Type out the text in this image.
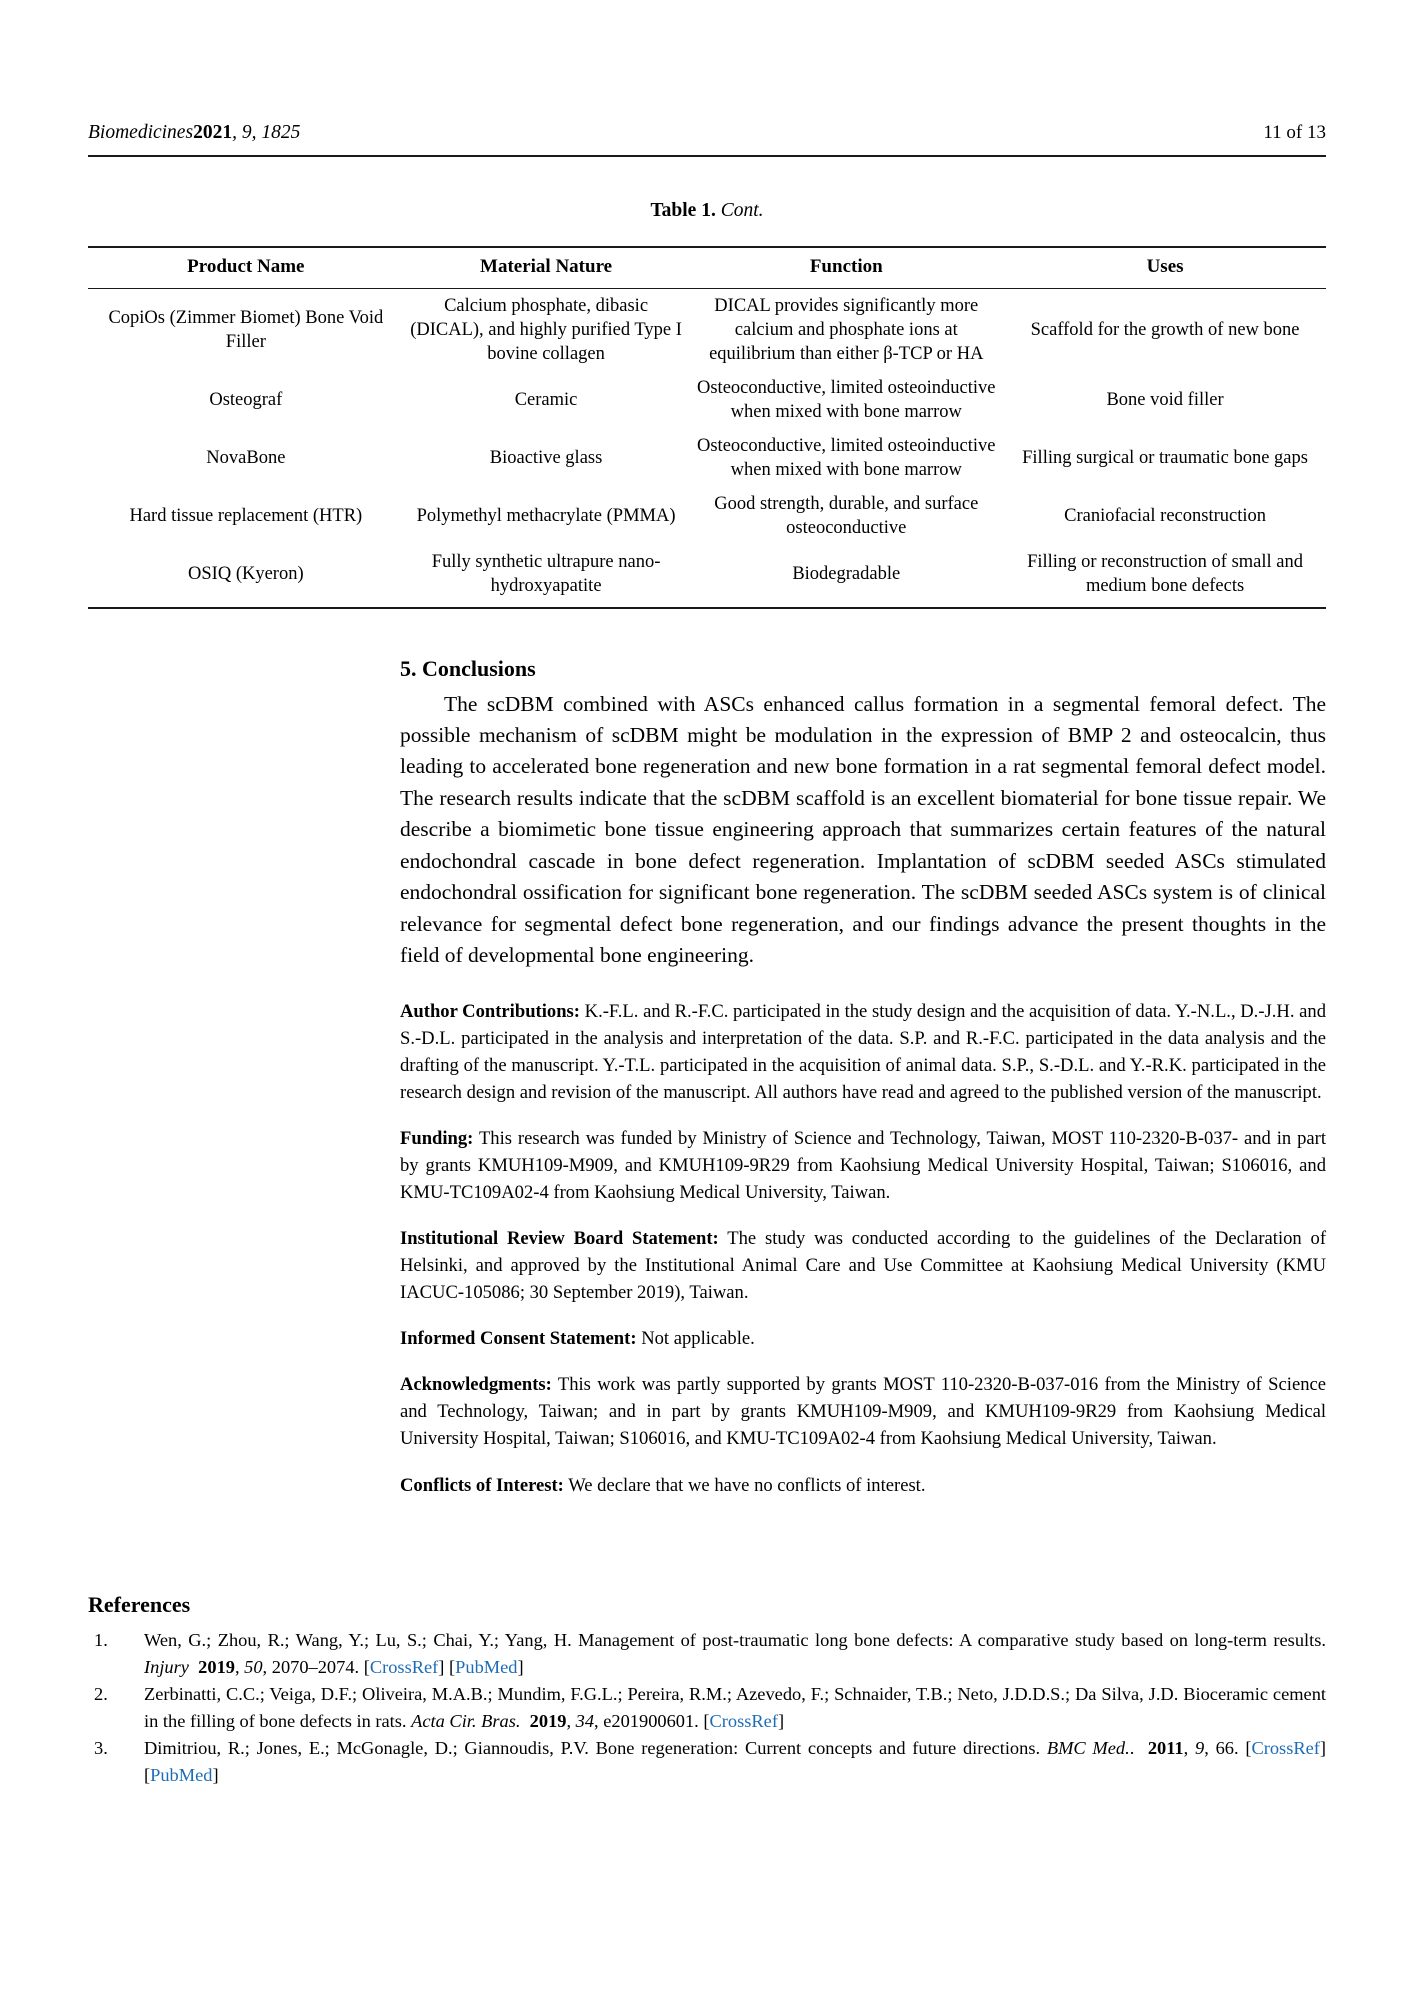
Biomedicines2021, 9, 1825	11 of 13
Table 1. Cont.
Product Name	Material Nature	Function	Uses
CopiOs (Zimmer Biomet) Bone Void Filler	Calcium phosphate, dibasic (DICAL), and highly purified Type I bovine collagen	DICAL provides significantly more calcium and phosphate ions at equilibrium than either β-TCP or HA	Scaffold for the growth of new bone
Osteograf	Ceramic	Osteoconductive, limited osteoinductive when mixed with bone marrow	Bone void filler
NovaBone	Bioactive glass	Osteoconductive, limited osteoinductive when mixed with bone marrow	Filling surgical or traumatic bone gaps
Hard tissue replacement (HTR)	Polymethyl methacrylate (PMMA)	Good strength, durable, and surface osteoconductive	Craniofacial reconstruction
OSIQ (Kyeron)	Fully synthetic ultrapure nano-hydroxyapatite	Biodegradable	Filling or reconstruction of small and medium bone defects
5. Conclusions

The scDBM combined with ASCs enhanced callus formation in a segmental femoral defect. The possible mechanism of scDBM might be modulation in the expression of BMP 2 and osteocalcin, thus leading to accelerated bone regeneration and new bone formation in a rat segmental femoral defect model. The research results indicate that the scDBM scaffold is an excellent biomaterial for bone tissue repair. We describe a biomimetic bone tissue engineering approach that summarizes certain features of the natural endochondral cascade in bone defect regeneration. Implantation of scDBM seeded ASCs stimulated endochondral ossification for significant bone regeneration. The scDBM seeded ASCs system is of clinical relevance for segmental defect bone regeneration, and our findings advance the present thoughts in the field of developmental bone engineering.

Author Contributions: K.-F.L. and R.-F.C. participated in the study design and the acquisition of data. Y.-N.L., D.-J.H. and S.-D.L. participated in the analysis and interpretation of the data. S.P. and R.-F.C. participated in the data analysis and the drafting of the manuscript. Y.-T.L. participated in the acquisition of animal data. S.P., S.-D.L. and Y.-R.K. participated in the research design and revision of the manuscript. All authors have read and agreed to the published version of the manuscript.

Funding: This research was funded by Ministry of Science and Technology, Taiwan, MOST 110-2320-B-037- and in part by grants KMUH109-M909, and KMUH109-9R29 from Kaohsiung Medical University Hospital, Taiwan; S106016, and KMU-TC109A02-4 from Kaohsiung Medical University, Taiwan.

Institutional Review Board Statement: The study was conducted according to the guidelines of the Declaration of Helsinki, and approved by the Institutional Animal Care and Use Committee at Kaohsiung Medical University (KMU IACUC-105086; 30 September 2019), Taiwan.

Informed Consent Statement: Not applicable.

Acknowledgments: This work was partly supported by grants MOST 110-2320-B-037-016 from the Ministry of Science and Technology, Taiwan; and in part by grants KMUH109-M909, and KMUH109-9R29 from Kaohsiung Medical University Hospital, Taiwan; S106016, and KMU-TC109A02-4 from Kaohsiung Medical University, Taiwan.

Conflicts of Interest: We declare that we have no conflicts of interest.

References
Wen, G.; Zhou, R.; Wang, Y.; Lu, S.; Chai, Y.; Yang, H. Management of post-traumatic long bone defects: A comparative study based on long-term results. Injury 2019, 50, 2070–2074. [CrossRef] [PubMed]
Zerbinatti, C.C.; Veiga, D.F.; Oliveira, M.A.B.; Mundim, F.G.L.; Pereira, R.M.; Azevedo, F.; Schnaider, T.B.; Neto, J.D.D.S.; Da Silva, J.D. Bioceramic cement in the filling of bone defects in rats. Acta Cir. Bras. 2019, 34, e201900601. [CrossRef]
Dimitriou, R.; Jones, E.; McGonagle, D.; Giannoudis, P.V. Bone regeneration: Current concepts and future directions. BMC Med.. 2011, 9, 66. [CrossRef] [PubMed]
